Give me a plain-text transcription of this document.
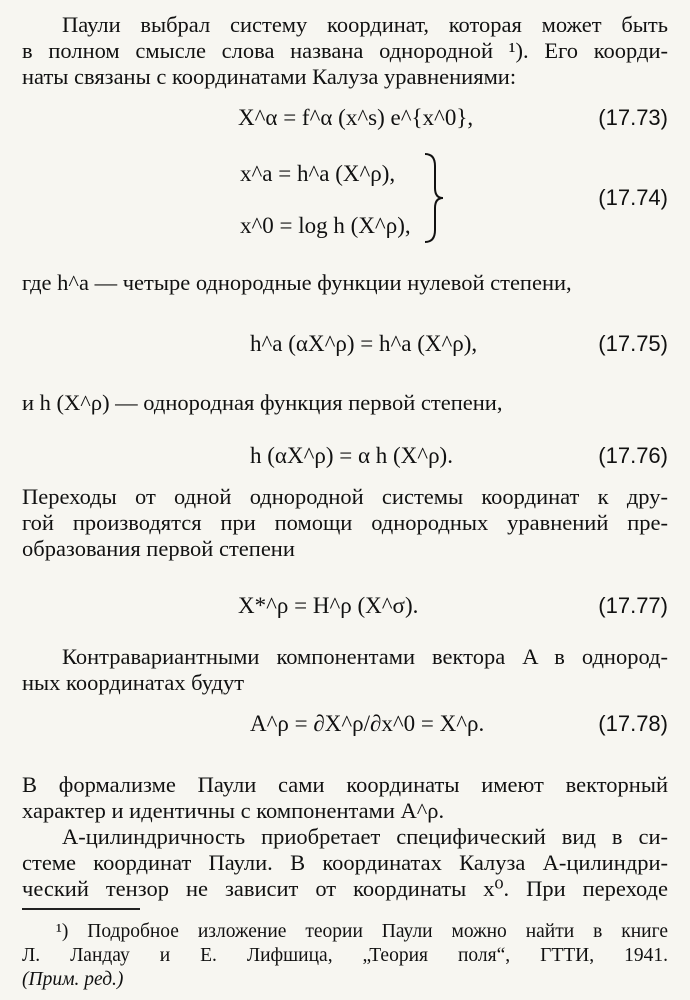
Паули выбрал систему координат, которая может быть
в полном смысле слова названа однородной ¹). Его коорди-
наты связаны с координатами Калуза уравнениями:
X^α = f^α (x^s) e^{x^0},	(17.73)
x^a = h^a (X^ρ),
x^0 = log h (X^ρ),
(17.74)
где h^a — четыре однородные функции нулевой степени,
h^a (αX^ρ) = h^a (X^ρ),	(17.75)
и h (X^ρ) — однородная функция первой степени,
h (αX^ρ) = α h (X^ρ).	(17.76)
Переходы от одной однородной системы координат к дру-
гой производятся при помощи однородных уравнений пре-
образования первой степени
X*^ρ = H^ρ (X^σ).	(17.77)
Контравариантными компонентами вектора A в однород-
ных координатах будут
A^ρ = ∂X^ρ/∂x^0 = X^ρ.	(17.78)
В формализме Паули сами координаты имеют векторный
характер и идентичны с компонентами A^ρ.
A-цилиндричность приобретает специфический вид в си-
стеме координат Паули. В координатах Калуза A-цилиндри-
ческий тензор не зависит от координаты x⁰. При переходе
¹) Подробное изложение теории Паули можно найти в книге
Л. Ландау и Е. Лифшица, „Теория поля“, ГТТИ, 1941.
(Прим. ред.)
